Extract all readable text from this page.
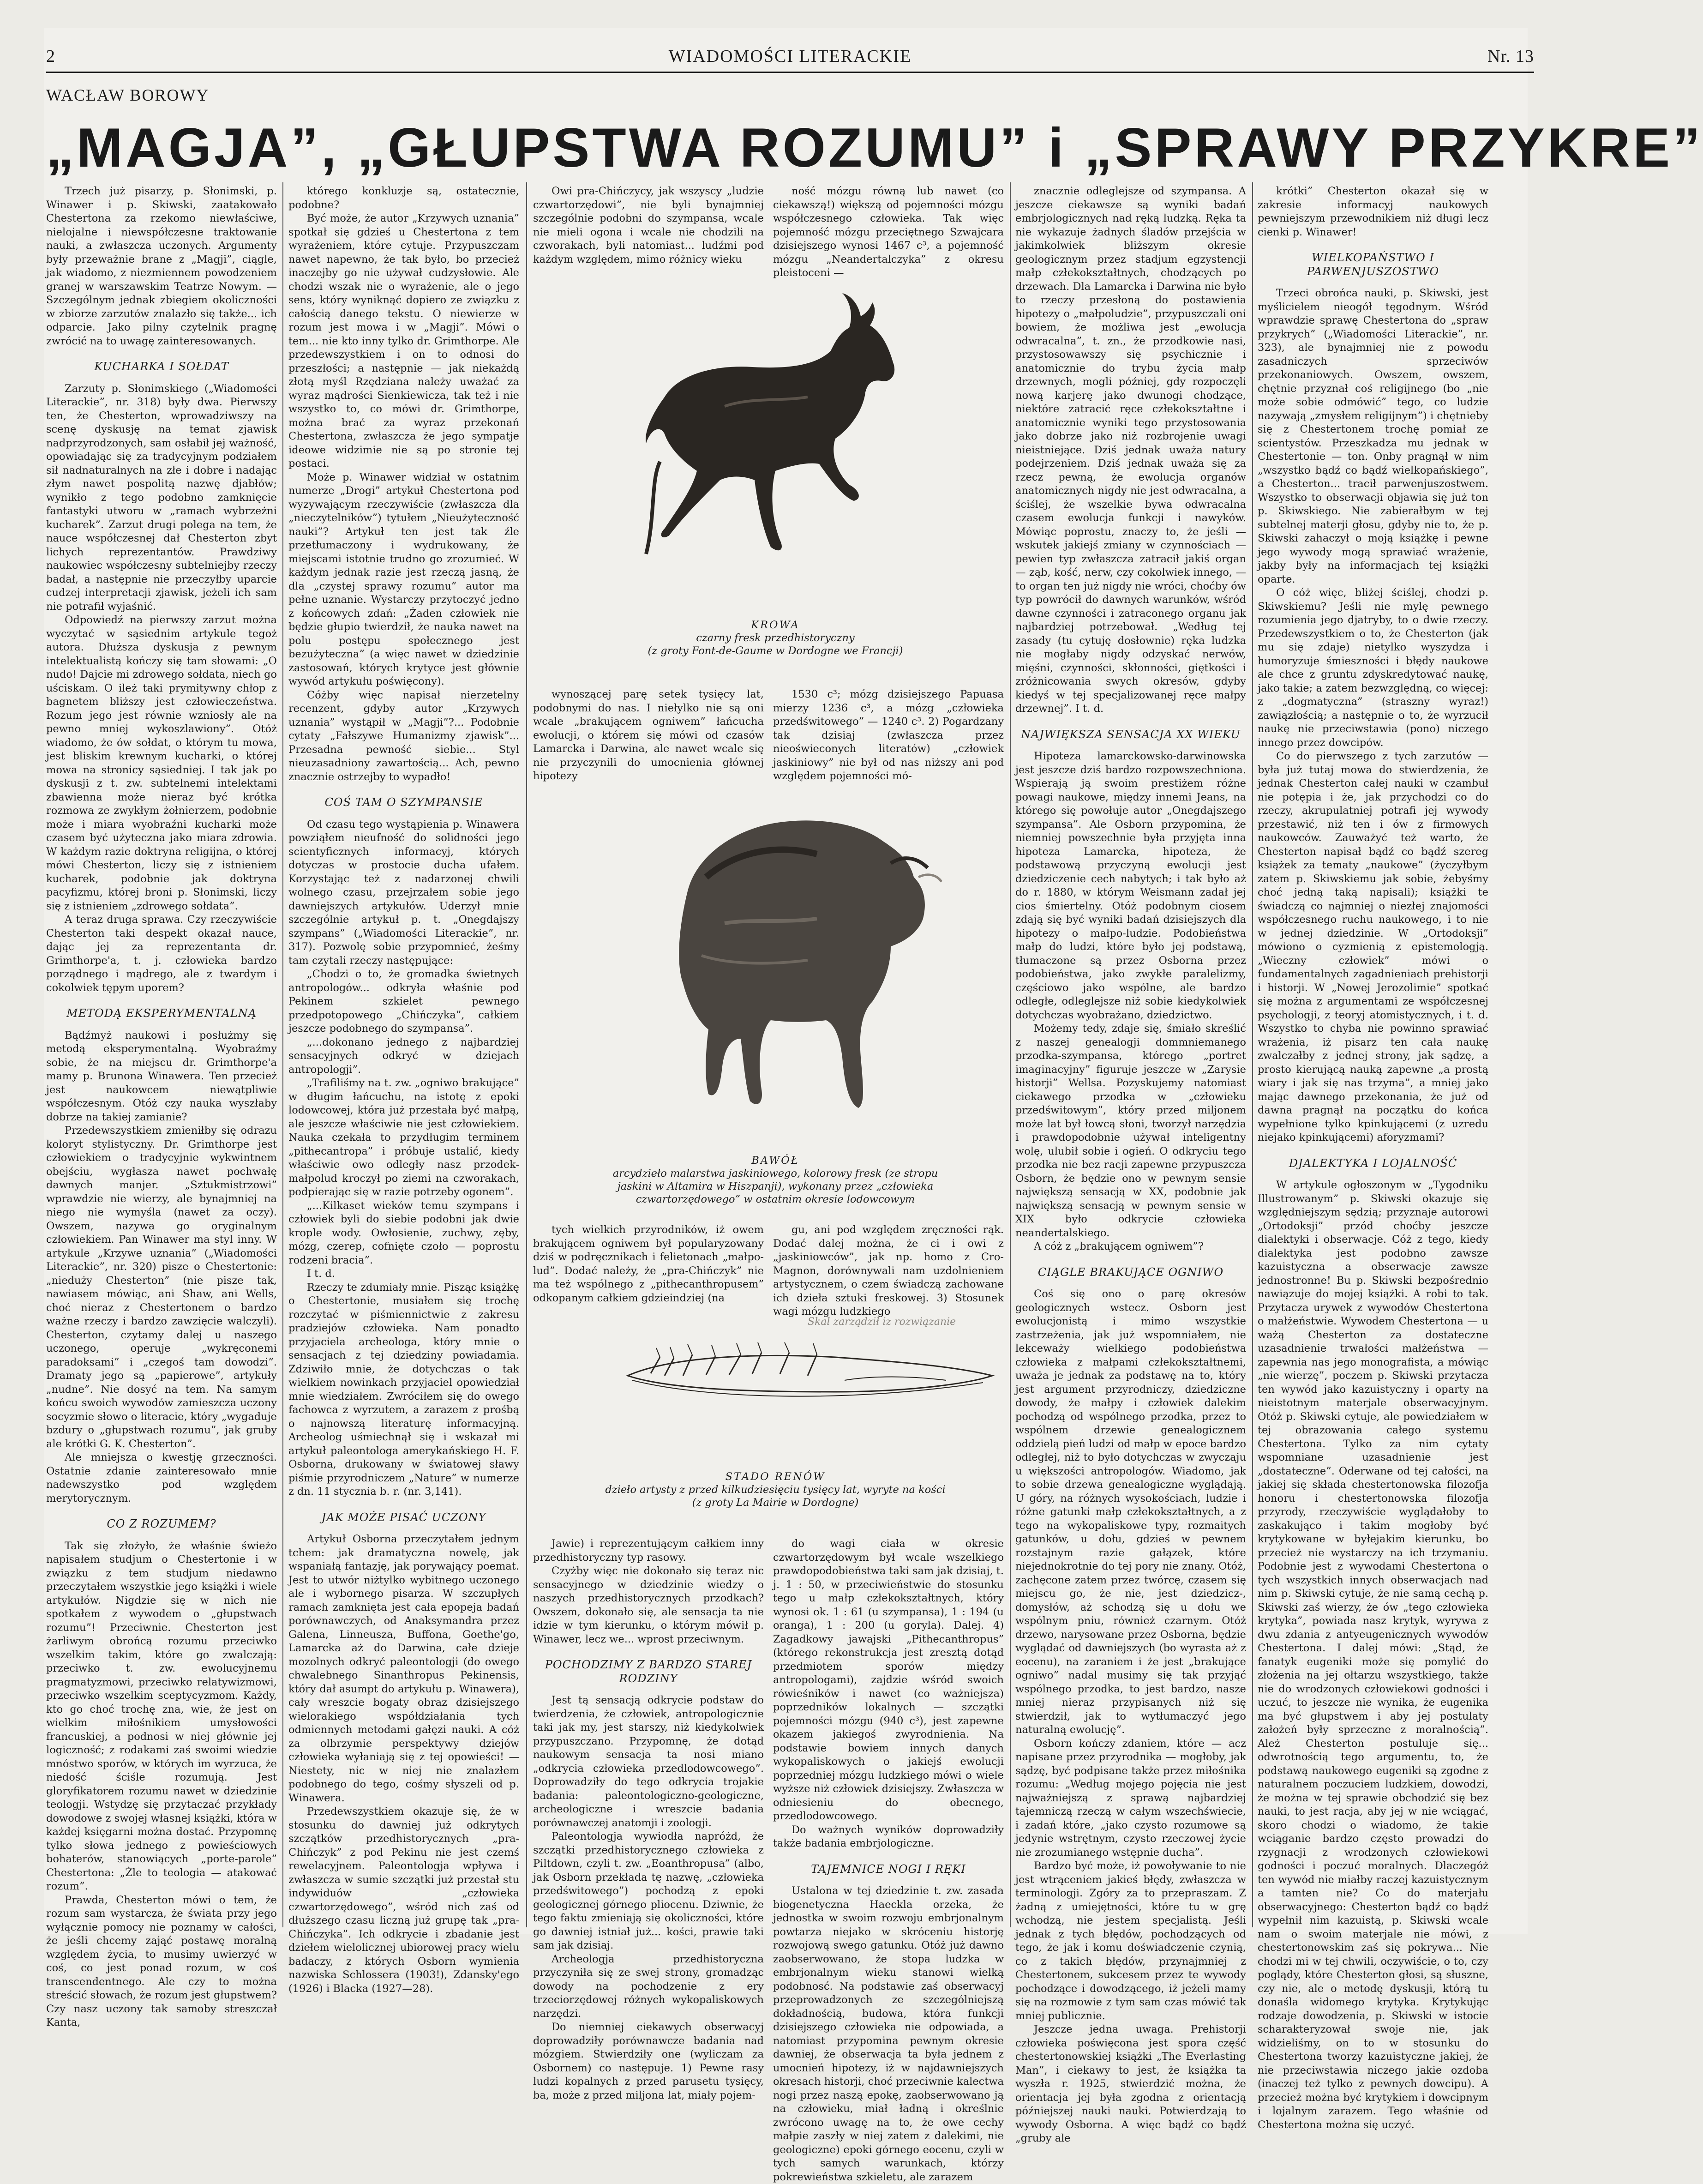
2	WIADOMOŚCI LITERACKIE	Nr. 13
WACŁAW BOROWY
„MAGJA”, „GŁUPSTWA ROZUMU” i „SPRAWY PRZYKRE”

Trzech już pisarzy, p. Słonimski, p. Winawer i p. Skiwski, zaatakowało Chestertona za rzekomo niewłaściwe, nielojalne i niewspółczesne traktowanie nauki, a zwłaszcza uczonych. Argumenty były przeważnie brane z „Magji”, ciągle, jak wiadomo, z niezmiennem powodzeniem granej w warszawskim Teatrze Nowym. — Szczególnym jednak zbiegiem okoliczności w zbiorze zarzutów znalazło się także... ich odparcie. Jako pilny czytelnik pragnę zwrócić na to uwagę zainteresowanych.

KUCHARKA I SOŁDAT

Zarzuty p. Słonimskiego („Wiadomości Literackie”, nr. 318) były dwa. Pierwszy ten, że Chesterton, wprowadziwszy na scenę dyskusję na temat zjawisk nadprzyrodzonych, sam osłabił jej ważność, opowiadając się za tradycyjnym podziałem sił nadnaturalnych na złe i dobre i nadając złym nawet pospolitą nazwę djabłów; wynikło z tego podobno zamknięcie fantastyki utworu w „ramach wybrzeżni kucharek”. Zarzut drugi polega na tem, że nauce współczesnej dał Chesterton zbyt lichych reprezentantów. Prawdziwy naukowiec współczesny subtelniejby rzeczy badał, a następnie nie przeczyłby uparcie cudzej interpretacji zjawisk, jeżeli ich sam nie potrafił wyjaśnić.

Odpowiedź na pierwszy zarzut można wyczytać w sąsiednim artykule tegoż autora. Dłuższa dyskusja z pewnym intelektualistą kończy się tam słowami: „O nudo! Dajcie mi zdrowego sołdata, niech go uściskam. O ileż taki prymitywny chłop z bagnetem bliższy jest człowieczeństwa. Rozum jego jest równie wzniosły ale na pewno mniej wykoszlawiony”. Otóż wiadomo, że ów sołdat, o którym tu mowa, jest bliskim krewnym kucharki, o której mowa na stronicy sąsiedniej. I tak jak po dyskusji z t. zw. subtelnemi intelektami zbawienna może nieraz być krótka rozmowa ze zwykłym żołnierzem, podobnie może i miara wyobraźni kucharki może czasem być użyteczna jako miara zdrowia. W każdym razie doktryna religijna, o której mówi Chesterton, liczy się z istnieniem kucharek, podobnie jak doktryna pacyfizmu, której broni p. Słonimski, liczy się z istnieniem „zdrowego sołdata”.

A teraz druga sprawa. Czy rzeczywiście Chesterton taki despekt okazał nauce, dając jej za reprezentanta dr. Grimthorpe'a, t. j. człowieka bardzo porządnego i mądrego, ale z twardym i cokolwiek tępym uporem?

METODĄ EKSPERYMENTALNĄ

Bądźmyż naukowi i posłużmy się metodą eksperymentalną. Wyobraźmy sobie, że na miejscu dr. Grimthorpe'a mamy p. Brunona Winawera. Ten przecież jest naukowcem niewątpliwie współczesnym. Otóż czy nauka wyszłaby dobrze na takiej zamianie?

Przedewszystkiem zmieniłby się odrazu koloryt stylistyczny. Dr. Grimthorpe jest człowiekiem o tradycyjnie wykwintnem obejściu, wygłasza nawet pochwałę dawnych manjer. „Sztukmistrzowi” wprawdzie nie wierzy, ale bynajmniej na niego nie wymyśla (nawet za oczy). Owszem, nazywa go oryginalnym człowiekiem. Pan Winawer ma styl inny. W artykule „Krzywe uznania” („Wiadomości Literackie”, nr. 320) pisze o Chestertonie: „nieduży Chesterton” (nie pisze tak, nawiasem mówiąc, ani Shaw, ani Wells, choć nieraz z Chestertonem o bardzo ważne rzeczy i bardzo zawzięcie walczyli). Chesterton, czytamy dalej u naszego uczonego, operuje „wykręconemi paradoksami” i „czegoś tam dowodzi”. Dramaty jego są „papierowe”, artykuły „nudne”. Nie dosyć na tem. Na samym końcu swoich wywodów zamieszcza uczony socyzmie słowo o literacie, który „wygaduje bzdury o „głupstwach rozumu”, jak gruby ale krótki G. K. Chesterton”.

Ale mniejsza o kwestję grzeczności. Ostatnie zdanie zainteresowało mnie nadewszystko pod względem merytorycznym.

CO Z ROZUMEM?

Tak się złożyło, że właśnie świeżo napisałem studjum o Chestertonie i w związku z tem studjum niedawno przeczytałem wszystkie jego książki i wiele artykułów. Nigdzie się w nich nie spotkałem z wywodem o „głupstwach rozumu”! Przeciwnie. Chesterton jest żarliwym obrońcą rozumu przeciwko wszelkim takim, które go zwalczają: przeciwko t. zw. ewolucyjnemu pragmatyzmowi, przeciwko relatywizmowi, przeciwko wszelkim sceptycyzmom. Każdy, kto go choć trochę zna, wie, że jest on wielkim miłośnikiem umysłowości francuskiej, a podnosi w niej głównie jej logiczność; z rodakami zaś swoimi wiedzie mnóstwo sporów, w których im wyrzuca, że niedość ściśle rozumują. Jest gloryfikatorem rozumu nawet w dziedzinie teologji. Wstydzę się przytaczać przykłady dowodowe z swojej własnej książki, która w każdej księgarni można dostać. Przypomnę tylko słowa jednego z powieściowych bohaterów, stanowiących „porte-parole” Chestertona: „Żle to teologia — atakować rozum”.

Prawda, Chesterton mówi o tem, że rozum sam wystarcza, że świata przy jego wyłącznie pomocy nie poznamy w całości, że jeśli chcemy zająć postawę moralną względem życia, to musimy uwierzyć w coś, co jest ponad rozum, w coś transcendentnego. Ale czy to można streścić słowach, że rozum jest głupstwem? Czy nasz uczony tak samoby streszczał Kanta,

którego konkluzje są, ostatecznie, podobne?

Być może, że autor „Krzywych uznania” spotkał się gdzieś u Chestertona z tem wyrażeniem, które cytuje. Przypuszczam nawet napewno, że tak było, bo przecież inaczejby go nie używał cudzysłowie. Ale chodzi wszak nie o wyrażenie, ale o jego sens, który wyniknąć dopiero ze związku z całością danego tekstu. O niewierze w rozum jest mowa i w „Magji”. Mówi o tem... nie kto inny tylko dr. Grimthorpe. Ale przedewszystkiem i on to odnosi do przeszłości; a następnie — jak niekażdą złotą myśl Rzędziana należy uważać za wyraz mądrości Sienkiewicza, tak też i nie wszystko to, co mówi dr. Grimthorpe, można brać za wyraz przekonań Chestertona, zwłaszcza że jego sympatje ideowe widzimie nie są po stronie tej postaci.

Może p. Winawer widział w ostatnim numerze „Drogi” artykuł Chestertona pod wyzywającym rzeczywiście (zwłaszcza dla „nieczytelników”) tytułem „Nieużyteczność nauki”? Artykuł ten jest tak źle przetłumaczony i wydrukowany, że miejscami istotnie trudno go zrozumieć. W każdym jednak razie jest rzeczą jasną, że dla „czystej sprawy rozumu” autor ma pełne uznanie. Wystarczy przytoczyć jedno z końcowych zdań: „Żaden człowiek nie będzie głupio twierdził, że nauka nawet na polu postępu społecznego jest bezużyteczna” (a więc nawet w dziedzinie zastosowań, których krytyce jest głównie wywód artykułu poświęcony).

Cóżby więc napisał nierzetelny recenzent, gdyby autor „Krzywych uznania” wystąpił w „Magji”?... Podobnie cytaty „Fałszywe Humanizmy zjawisk”... Przesadna pewność siebie... Styl nieuzasadniony zawartością... Ach, pewno znacznie ostrzejby to wypadło!

COŚ TAM O SZYMPANSIE

Od czasu tego wystąpienia p. Winawera powziąłem nieufność do solidności jego scientyficznych informacyj, których dotyczas w prostocie ducha ufałem. Korzystając też z nadarzonej chwili wolnego czasu, przejrzałem sobie jego dawniejszych artykułów. Uderzył mnie szczególnie artykuł p. t. „Onegdajszy szympans” („Wiadomości Literackie”, nr. 317). Pozwolę sobie przypomnieć, żeśmy tam czytali rzeczy następujące:

„Chodzi o to, że gromadka świetnych antropologów... odkryła właśnie pod Pekinem szkielet pewnego przedpotopowego „Chińczyka”, całkiem jeszcze podobnego do szympansa”.

„...dokonano jednego z najbardziej sensacyjnych odkryć w dziejach antropologji”.

„Trafiliśmy na t. zw. „ogniwo brakujące” w długim łańcuchu, na istotę z epoki lodowcowej, która już przestała być małpą, ale jeszcze właściwie nie jest człowiekiem. Nauka czekała to przydługim terminem „pithecantropa” i próbuje ustalić, kiedy właściwie owo odległy nasz przodek-małpolud kroczył po ziemi na czworakach, podpierając się w razie potrzeby ogonem”.

„...Kilkaset wieków temu szympans i człowiek byli do siebie podobni jak dwie krople wody. Owłosienie, zuchwy, zęby, mózg, czerep, cofnięte czoło — poprostu rodzeni bracia”.

I t. d.

Rzeczy te zdumiały mnie. Pisząc książkę o Chestertonie, musiałem się trochę rozczytać w piśmiennictwie z zakresu pradziejów człowieka. Nam ponadto przyjaciela archeologa, który mnie o sensacjach z tej dziedziny powiadamia. Zdziwiło mnie, że dotychczas o tak wielkiem nowinkach przyjaciel opowiedział mnie wiedziałem. Zwróciłem się do owego fachowca z wyrzutem, a zarazem z prośbą o najnowszą literaturę informacyjną. Archeolog uśmiechnął się i wskazał mi artykuł paleontologa amerykańskiego H. F. Osborna, drukowany w światowej sławy piśmie przyrodniczem „Nature” w numerze z dn. 11 stycznia b. r. (nr. 3,141).

JAK MOŻE PISAĆ UCZONY

Artykuł Osborna przeczytałem jednym tchem: jak dramatyczna nowelę, jak wspaniałą fantazję, jak porywający poemat. Jest to utwór niżtylko wybitnego uczonego ale i wybornego pisarza. W szczupłych ramach zamknięta jest cała epopeja badań porównawczych, od Anaksymandra przez Galena, Linneusza, Buffona, Goethe'go, Lamarcka aż do Darwina, całe dzieje mozolnych odkryć paleontologji (do owego chwalebnego Sinanthropus Pekinensis, który dał asumpt do artykułu p. Winawera), cały wreszcie bogaty obraz dzisiejszego wielorakiego współdziałania tych odmiennych metodami gałęzi nauki. A cóż za olbrzymie perspektywy dziejów człowieka wyłaniają się z tej opowieści! — Niestety, nic w niej nie znalazłem podobnego do tego, cośmy słyszeli od p. Winawera.

Przedewszystkiem okazuje się, że w stosunku do dawniej już odkrytych szczątków przedhistorycznych „pra-Chińczyk” z pod Pekinu nie jest czemś rewelacyjnem. Paleontologja wpływa i zwłaszcza w sumie szczątki już przestał stu indywiduów „człowieka czwartorzędowego”, wśród nich zaś od dłuższego czasu liczną już grupę tak „pra-Chińczyka”. Ich odkrycie i zbadanie jest dziełem wielolicznej ubiorowej pracy wielu badaczy, z których Osborn wymienia nazwiska Schlossera (1903!), Zdansky'ego (1926) i Blacka (1927—28).

Owi pra-Chińczycy, jak wszyscy „ludzie czwartorzędowi”, nie byli bynajmniej szczególnie podobni do szympansa, wcale nie mieli ogona i wcale nie chodzili na czworakach, byli natomiast... ludźmi pod każdym względem, mimo różnicy wieku

ność mózgu równą lub nawet (co ciekawszą!) większą od pojemności mózgu współczesnego człowieka. Tak więc pojemność mózgu przeciętnego Szwajcara dzisiejszego wynosi 1467 c³, a pojemność mózgu „Neandertalczyka” z okresu pleistoceni —

wynoszącej parę setek tysięcy lat, podobnymi do nas. I niełylko nie są oni wcale „brakującem ogniwem” łańcucha ewolucji, o którem się mówi od czasów Lamarcka i Darwina, ale nawet wcale się nie przyczynili do umocnienia głównej hipotezy

1530 c³; mózg dzisiejszego Papuasa mierzy 1236 c³, a mózg „człowieka przedświtowego” — 1240 c³. 2) Pogardzany tak dzisiaj (zwłaszcza przez nieoświeconych literatów) „człowiek jaskiniowy” nie był od nas niższy ani pod względem pojemności mó-

tych wielkich przyrodników, iż owem brakującem ogniwem był popularyzowany dziś w podręcznikach i felietonach „małpo-lud”. Dodać należy, że „pra-Chińczyk” nie ma też wspólnego z „pithecanthropusem” odkopanym całkiem gdzieindziej (na

gu, ani pod względem zręczności rąk. Dodać dalej można, że ci i owi z „jaskiniowców”, jak np. homo z Cro-Magnon, dorównywali nam uzdolnieniem artystycznem, o czem świadczą zachowane ich dzieła sztuki freskowej. 3) Stosunek wagi mózgu ludzkiego

Jawie) i reprezentującym całkiem inny przedhistoryczny typ rasowy.

Czyżby więc nie dokonało się teraz nic sensacyjnego w dziedzinie wiedzy o naszych przedhistorycznych przodkach? Owszem, dokonało się, ale sensacja ta nie idzie w tym kierunku, o którym mówił p. Winawer, lecz we... wprost przeciwnym.

POCHODZIMY Z BARDZO STAREJ RODZINY

Jest tą sensacją odkrycie podstaw do twierdzenia, że człowiek, antropologicznie taki jak my, jest starszy, niż kiedykolwiek przypuszczano. Przypomnę, że dotąd naukowym sensacja ta nosi miano „odkrycia człowieka przedlodowcowego”. Doprowadziły do tego odkrycia trojakie badania: paleontologiczno-geologiczne, archeologiczne i wreszcie badania porównawczej anatomji i zoologji.

Paleontologja wywiodła napróżd, że szczątki przedhistorycznego człowieka z Piltdown, czyli t. zw. „Eoanthropusa” (albo, jak Osborn przekłada tę nazwę, „człowieka przedświtowego”) pochodzą z epoki geologicznej górnego pliocenu. Dziwnie, że tego faktu zmieniają się okoliczności, które go dawniej istniał już... kości, prawie taki sam jak dzisiaj.

Archeologja przedhistoryczna przyczyniła się ze swej strony, gromadząc dowody na pochodzenie z ery trzeciorzędowej różnych wykopaliskowych narzędzi.

Do niemniej ciekawych obserwacyj doprowadziły porównawcze badania nad mózgiem. Stwierdziły one (wyliczam za Osbornem) co następuje. 1) Pewne rasy ludzi kopalnych z przed parusetu tysięcy, ba, może z przed miljona lat, miały pojem-

do wagi ciała w okresie czwartorzędowym był wcale wszelkiego prawdopodobieństwa taki sam jak dzisiaj, t. j. 1 : 50, w przeciwieństwie do stosunku tego u małp człekokształtnych, który wynosi ok. 1 : 61 (u szympansa), 1 : 194 (u oranga), 1 : 200 (u goryla). Dalej. 4) Zagadkowy jawajski „Pithecanthropus” (którego rekonstrukcja jest zresztą dotąd przedmiotem sporów między antropologami), zajdzie wśród swoich rówieśników i nawet (co ważniejsza) poprzedników lokalnych — szczątki pojemności mózgu (940 c³), jest zapewne okazem jakiegoś zwyrodnienia. Na podstawie bowiem innych danych wykopaliskowych o jakiejś ewolucji poprzedniej mózgu ludzkiego mówi o wiele wyższe niż człowiek dzisiejszy. Zwłaszcza w odniesieniu do obecnego, przedlodowcowego.

Do ważnych wyników doprowadziły także badania embrjologiczne.

TAJEMNICE NOGI I RĘKI

Ustalona w tej dziedzinie t. zw. zasada biogenetyczna Haeckla orzeka, że jednostka w swoim rozwoju embrjonalnym powtarza niejako w skróceniu historję rozwojową swego gatunku. Otóż już dawno zaobserwowano, że stopa ludzka w embrjonalnym wieku stanowi wielką podobnosć. Na podstawie zaś obserwacyj przeprowadzonych ze szczególniejszą dokładnością, budowa, która funkcji dzisiejszego człowieka nie odpowiada, a natomiast przypomina pewnym okresie dawniej, że obserwacja ta była jednem z umocnień hipotezy, iż w najdawniejszych okresach historji, choć przeciwnie kalectwa nogi przez naszą epokę, zaobserwowano ją na człowieku, miał ładną i określnie zwrócono uwagę na to, że owe cechy małpie zaszły w niej zatem z dalekimi, nie geologiczne) epoki górnego eocenu, czyli w tych samych warunkach, którzy pokrewieństwa szkieletu, ale zarazem

znacznie odleglejsze od szympansa. A jeszcze ciekawsze są wyniki badań embrjologicznych nad ręką ludzką. Ręka ta nie wykazuje żadnych śladów przejścia w jakimkolwiek bliższym okresie geologicznym przez stadjum egzystencji małp człekokształtnych, chodzących po drzewach. Dla Lamarcka i Darwina nie było to rzeczy przesłoną do postawienia hipotezy o „małpoludzie”, przypuszczali oni bowiem, że możliwa jest „ewolucja odwracalna”, t. zn., że przodkowie nasi, przystosowawszy się psychicznie i anatomicznie do trybu życia małp drzewnych, mogli później, gdy rozpoczęli nową karjerę jako dwunogi chodzące, niektóre zatracić ręce człekokształtne i anatomicznie wyniki tego przystosowania jako dobrze jako niż rozbrojenie uwagi nieistniejące. Dziś jednak uważa natury podejrzeniem. Dziś jednak uważa się za rzecz pewną, że ewolucja organów anatomicznych nigdy nie jest odwracalna, a ściślej, że wszelkie bywa odwracalna czasem ewolucja funkcji i nawyków. Mówiąc poprostu, znaczy to, że jeśli — wskutek jakiejś zmiany w czynnościach — pewien typ zwłaszcza zatracił jakiś organ — ząb, kość, nerw, czy cokolwiek innego, — to organ ten już nigdy nie wróci, choćby ów typ powrócił do dawnych warunków, wśród dawne czynności i zatraconego organu jak najbardziej potrzebował. „Według tej zasady (tu cytuję dosłownie) ręka ludzka nie mogłaby nigdy odzyskać nerwów, mięśni, czynności, skłonności, giętkości i zróżnicowania swych okresów, gdyby kiedyś w tej specjalizowanej ręce małpy drzewnej”. I t. d.

NAJWIĘKSZA SENSACJA XX WIEKU

Hipoteza lamarckowsko-darwinowska jest jeszcze dziś bardzo rozpowszechniona. Wspierają ją swoim prestiżem różne powagi naukowe, między innemi Jeans, na którego się powołuje autor „Onegdajszego szympansa”. Ale Osborn przypomina, że niemniej powszechnie była przyjęta inna hipoteza Lamarcka, hipoteza, że podstawową przyczyną ewolucji jest dziedziczenie cech nabytych; i tak było aż do r. 1880, w którym Weismann zadał jej cios śmiertelny. Otóż podobnym ciosem zdają się być wyniki badań dzisiejszych dla hipotezy o małpo-ludzie. Podobieństwa małp do ludzi, które było jej podstawą, tłumaczone są przez Osborna przez podobieństwa, jako zwykłe paralelizmy, częściowo jako wspólne, ale bardzo odległe, odleglejsze niż sobie kiedykolwiek dotychczas wyobrażano, dziedzictwo.

Możemy tedy, zdaje się, śmiało skreślić z naszej genealogji dommniemanego przodka-szympansa, którego „portret imaginacyjny” figuruje jeszcze w „Zarysie historji” Wellsa. Pozyskujemy natomiast ciekawego przodka w „człowieku przedświtowym”, który przed miljonem może lat był łowcą słoni, tworzył narzędzia i prawdopodobnie używał inteligentny wolę, ulubił sobie i ogień. O odkryciu tego przodka nie bez racji zapewne przypuszcza Osborn, że będzie ono w pewnym sensie największą sensacją w XX, podobnie jak największą sensacją w pewnym sensie w XIX było odkrycie człowieka neandertalskiego.

A cóż z „brakującem ogniwem”?

CIĄGLE BRAKUJĄCE OGNIWO

Coś się ono o parę okresów geologicznych wstecz. Osborn jest ewolucjonistą i mimo wszystkie zastrzeżenia, jak już wspomniałem, nie lekceważy wielkiego podobieństwa człowieka z małpami człekokształtnemi, uważa je jednak za podstawę na to, który jest argument przyrodniczy, dziedziczne dowody, że małpy i człowiek dalekim pochodzą od wspólnego przodka, przez to wspólnem drzewie genealogicznem oddzielą pień ludzi od małp w epoce bardzo odległej, niż to było dotychczas w zwyczaju u większości antropologów. Wiadomo, jak to sobie drzewa genealogiczne wyglądają. U góry, na różnych wysokościach, ludzie i różne gatunki małp człekokształtnych, a z tego na wykopaliskowe typy, rozmaitych gatunków, u dołu, gdzieś w pewnem rozstajnym razie gałązek, które niejednokrotnie do tej pory nie znany. Otóż, zachęcone zatem przez twórcę, czasem się miejscu go, że nie, jest dziedzicz-, domysłów, aż schodzą się u dołu we wspólnym pniu, również czarnym. Otóż drzewo, narysowane przez Osborna, będzie wyglądać od dawniejszych (bo wyrasta aż z eocenu), na zaraniem i że jest „brakujące ogniwo” nadal musimy się tak przyjąć wspólnego przodka, to jest bardzo, nasze mniej nieraz przypisanych niż się stwierdził, jak to wytłumaczyć jego naturalną ewolucję”.

Osborn kończy zdaniem, które — acz napisane przez przyrodnika — mogłoby, jak sądzę, być podpisane także przez miłośnika rozumu: „Według mojego pojęcia nie jest najważniejszą z sprawą najbardziej tajemniczą rzeczą w całym wszechświecie, i zadań które, „jako czysto rozumowe są jedynie wstrętnym, czysto rzeczowej życie nie zrozumianego wstępnie ducha”.

Bardzo być może, iż powoływanie to nie jest wtrąceniem jakieś błędy, zwłaszcza w terminologji. Zgóry za to przepraszam. Z żadną z umiejętności, które tu w grę wchodzą, nie jestem specjalistą. Jeśli jednak z tych błędów, pochodzących od tego, że jak i komu doświadczenie czynią, co z takich błędów, przynajmniej z Chestertonem, sukcesem przez te wywody pochodzące i dowodzącego, iż jeżeli mamy się na rozmowie z tym sam czas mówić tak mniej publicznie.

Jeszcze jedna uwaga. Prehistorji człowieka poświęcona jest spora część chestertonowskiej książki „The Everlasting Man”, i ciekawy to jest, że książka ta wyszła r. 1925, stwierdzić można, że orientacja jej była zgodna z orientacją późniejszej nauki nauki. Potwierdzają to wywody Osborna. A więc bądź co bądź „gruby ale

krótki” Chesterton okazał się w zakresie informacyj naukowych pewniejszym przewodnikiem niż długi lecz cienki p. Winawer!

WIELKOPAŃSTWO I PARWENJUSZOSTWO

Trzeci obrońca nauki, p. Skiwski, jest myślicielem nieogół tęgodnym. Wśród wprawdzie sprawę Chestertona do „spraw przykrych” („Wiadomości Literackie”, nr. 323), ale bynajmniej nie z powodu zasadniczych sprzeciwów przekonaniowych. Owszem, owszem, chętnie przyznał coś religijnego (bo „nie może sobie odmówić” tego, co ludzie nazywają „zmysłem religijnym”) i chętnieby się z Chestertonem trochę pomiał ze scientystów. Przeszkadza mu jednak w Chestertonie — ton. Onby pragnął w nim „wszystko bądź co bądź wielkopańskiego”, a Chesterton... tracił parwenjuszostwem. Wszystko to obserwacji objawia się już ton p. Skiwskiego. Nie zabierałbym w tej subtelnej materji głosu, gdyby nie to, że p. Skiwski zahaczył o moją książkę i pewne jego wywody mogą sprawiać wrażenie, jakby były na informacjach tej książki oparte.

O cóż więc, bliżej ściślej, chodzi p. Skiwskiemu? Jeśli nie mylę pewnego rozumienia jego djatryby, to o dwie rzeczy. Przedewszystkiem o to, że Chesterton (jak mu się zdaje) nietylko wyszydza i humoryzuje śmieszności i błędy naukowe ale chce z gruntu zdyskredytować naukę, jako takie; a zatem bezwzględną, co więcej: z „dogmatyczna” (straszny wyraz!) zawiązłością; a następnie o to, że wyrzucił naukę nie przeciwstawia (pono) niczego innego przez dowcipów.

Co do pierwszego z tych zarzutów — była już tutaj mowa do stwierdzenia, że jednak Chesterton całej nauki w czambuł nie potępia i że, jak przychodzi co do rzeczy, akrupulatniej potrafi jej wywody przestawić, niż ten i ów z firmowych naukowców. Zauważyć też warto, że Chesterton napisał bądź co bądź szereg książek za tematy „naukowe” (życzyłbym zatem p. Skiwskiemu jak sobie, żebyśmy choć jedną taką napisali); książki te świadczą co najmniej o niezłej znajomości współczesnego ruchu naukowego, i to nie w jednej dziedzinie. W „Ortodoksji” mówiono o cyzmienią z epistemologją. „Wieczny człowiek” mówi o fundamentalnych zagadnieniach prehistorji i historji. W „Nowej Jerozolimie” spotkać się można z argumentami ze współczesnej psychologji, z teoryj atomistycznych, i t. d. Wszystko to chyba nie powinno sprawiać wrażenia, iż pisarz ten cała naukę zwalczałby z jednej strony, jak sądzę, a prosto kierującą nauką zapewne „a prostą wiary i jak się nas trzyma”, a mniej jako mając dawnego przekonania, że już od dawna pragnął na początku do końca wypełnione tylko kpinkującemi (z uzredu niejako kpinkującemi) aforyzmami?

DJALEKTYKA I LOJALNOŚĆ

W artykule ogłoszonym w „Tygodniku Illustrowanym” p. Skiwski okazuje się względniejszym sędzią; przyznaje autorowi „Ortodoksji” przód choćby jeszcze dialektyki i obserwacje. Cóż z tego, kiedy dialektyka jest podobno zawsze kazuistyczna a obserwacje zawsze jednostronne! Bu p. Skiwski bezpośrednio nawiązuje do mojej książki. A robi to tak. Przytacza urywek z wywodów Chestertona o małżeństwie. Wywodem Chestertona — u ważą Chesterton za dostateczne uzasadnienie trwałości małżeństwa — zapewnia nas jego monografista, a mówiąc „nie wierzę”, poczem p. Skiwski przytacza ten wywód jako kazuistyczny i oparty na nieistotnym materjale obserwacyjnym. Otóż p. Skiwski cytuje, ale powiedziałem w tej obrazowania całego systemu Chestertona. Tylko za nim cytaty wspomniane uzasadnienie jest „dostateczne”. Oderwane od tej całości, na jakiej się składa chestertonowska filozofja honoru i chestertonowska filozofja przyrody, rzeczywiście wyglądałoby to zaskakująco i takim mogłoby być krytykowane w byłejakim kierunku, bo przecież nie wystarczy na ich trzymaniu. Podobnie jest z wywodami Chestertona o tych wszystkich innych obserwacjach nad nim p. Skiwski cytuje, że nie samą cechą p. Skiwski zaś wierzy, że ów „tego człowieka krytyka”, powiada nasz krytyk, wyrywa z dwu zdania z antyeugenicznych wywodów Chestertona. I dalej mówi: „Stąd, że fanatyk eugeniki może się pomylić do złożenia na jej ołtarzu wszystkiego, także nie do wrodzonych człowiekowi godności i uczuć, to jeszcze nie wynika, że eugenika ma być głupstwem i aby jej postulaty założeń były sprzeczne z moralnością”. Ależ Chesterton postuluje się... odwrotnością tego argumentu, to, że podstawą naukowego eugeniki są zgodne z naturalnem poczuciem ludzkiem, dowodzi, że można w tej sprawie obchodzić się bez nauki, to jest racja, aby jej w nie wciągać, skoro chodzi o wiadomo, że takie wciąganie bardzo często prowadzi do rzygnacji z wrodzonych człowiekowi godności i poczuć moralnych. Dlaczegóż ten wywód nie miałby raczej kazuistycznym a tamten nie? Co do materjału obserwacyjnego: Chesterton bądź co bądź wypełnił nim kazuistą, p. Skiwski wcale nam o swoim materjale nie mówi, z chestertonowskim zaś się pokrywa... Nie chodzi mi w tej chwili, oczywiście, o to, czy poglądy, które Chesterton głosi, są słuszne, czy nie, ale o metodę dyskusji, którą tu donaśla widomego krytyka. Krytykując rodzaje dowodzenia, p. Skiwski w istocie scharakteryzował swoje nie, jak widzieliśmy, on to w stosunku do Chestertona tworzy kazuistyczne jakiej, że nie przeciwstawia niczego jakie ozdoba (inaczej też tylko z pewnych dowcipu). A przecież można być krytykiem i dowcipnym i lojalnym zarazem. Tego właśnie od Chestertona można się uczyć.

KROWA
czarny fresk przedhistoryczny
(z groty Font-de-Gaume w Dordogne we Francji)
BAWÓŁ
arcydzieło malarstwa jaskiniowego, kolorowy fresk (ze stropu
jaskini w Altamira w Hiszpanji), wykonany przez „człowieka
czwartorzędowego” w ostatnim okresie lodowcowym
Skal zarządził iz rozwiązanie
STADO RENÓW
dzieło artysty z przed kilkudziesięciu tysięcy lat, wyryte na kości
(z groty La Mairie w Dordogne)
